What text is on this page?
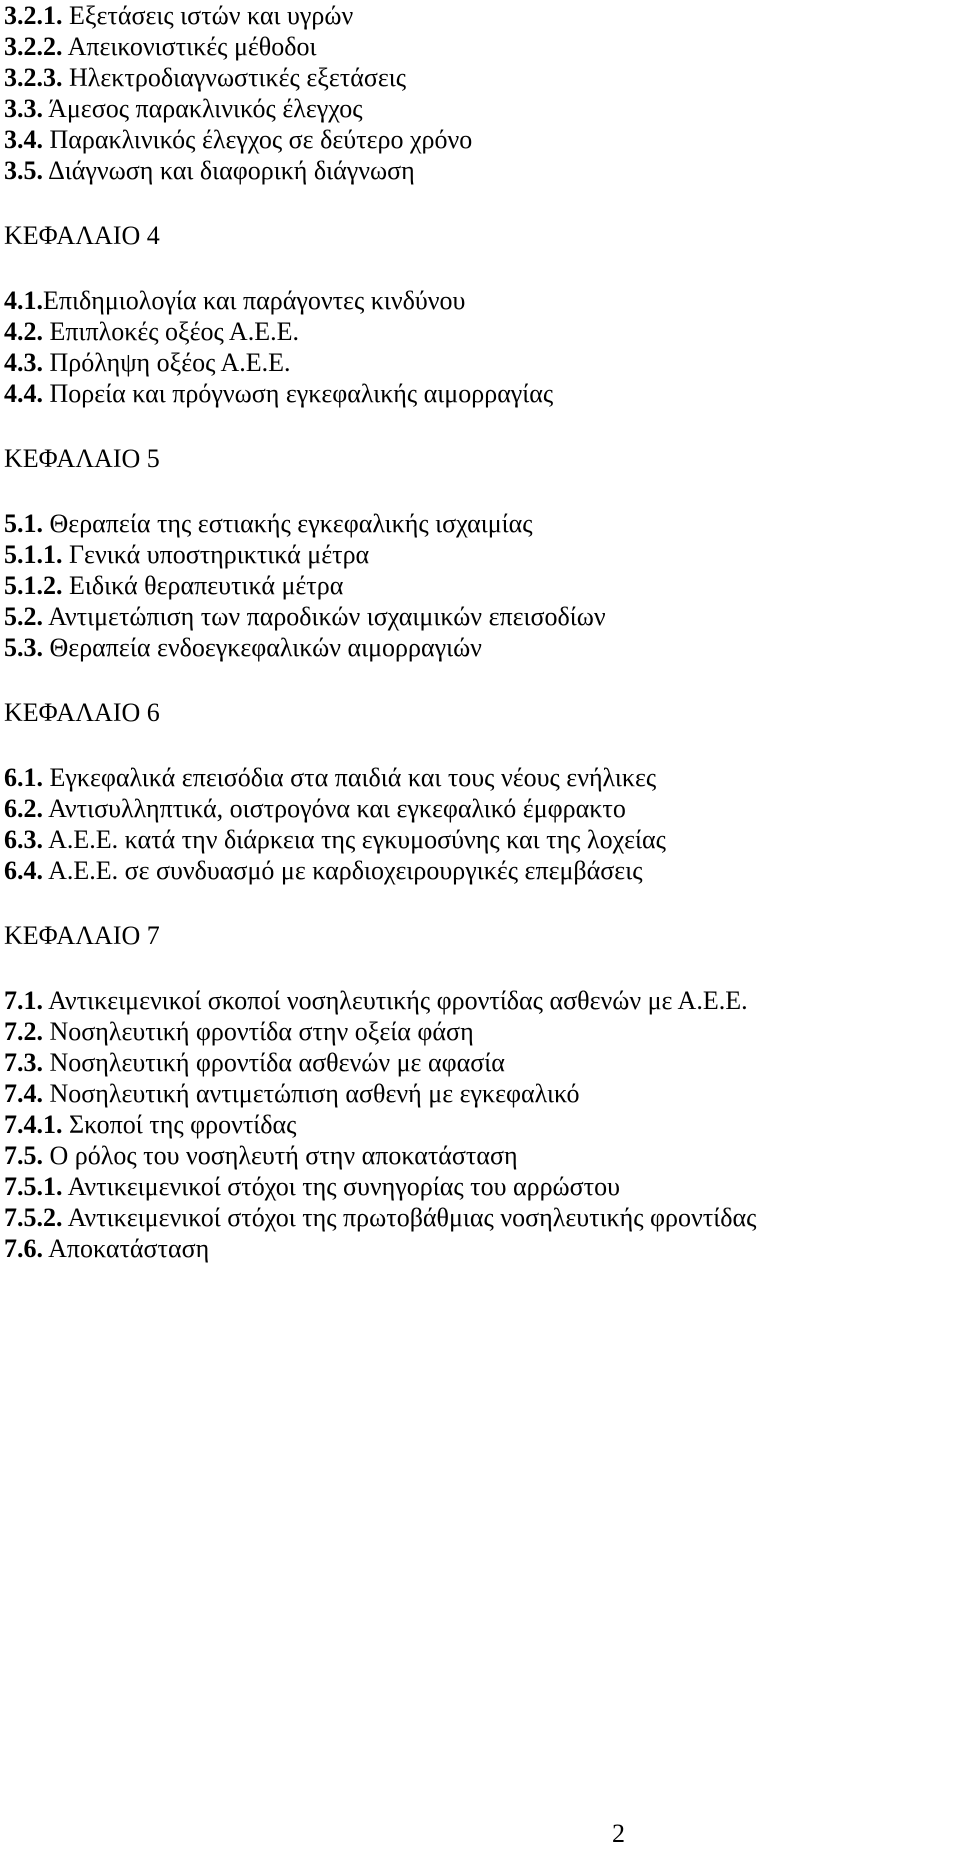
3.2.1. Εξετάσεις ιστών και υγρών
3.2.2. Απεικονιστικές μέθοδοι
3.2.3. Ηλεκτροδιαγνωστικές εξετάσεις
3.3. Άμεσος παρακλινικός έλεγχος
3.4. Παρακλινικός έλεγχος σε δεύτερο χρόνο
3.5. Διάγνωση και διαφορική διάγνωση
ΚΕΦΑΛΑΙΟ 4
4.1.Επιδημιολογία και παράγοντες κινδύνου
4.2. Επιπλοκές οξέος Α.Ε.Ε.
4.3. Πρόληψη οξέος Α.Ε.Ε.
4.4. Πορεία και πρόγνωση εγκεφαλικής αιμορραγίας
ΚΕΦΑΛΑΙΟ 5
5.1. Θεραπεία της εστιακής εγκεφαλικής ισχαιμίας
5.1.1. Γενικά υποστηρικτικά μέτρα
5.1.2. Ειδικά θεραπευτικά μέτρα
5.2. Αντιμετώπιση των παροδικών ισχαιμικών επεισοδίων
5.3. Θεραπεία ενδοεγκεφαλικών αιμορραγιών
ΚΕΦΑΛΑΙΟ 6
6.1. Εγκεφαλικά επεισόδια στα παιδιά και τους νέους ενήλικες
6.2. Αντισυλληπτικά, οιστρογόνα και εγκεφαλικό έμφρακτο
6.3. Α.Ε.Ε. κατά την διάρκεια της εγκυμοσύνης και της λοχείας
6.4. Α.Ε.Ε. σε συνδυασμό με καρδιοχειρουργικές επεμβάσεις
ΚΕΦΑΛΑΙΟ 7
7.1. Αντικειμενικοί σκοποί νοσηλευτικής φροντίδας ασθενών με Α.Ε.Ε.
7.2. Νοσηλευτική φροντίδα στην οξεία φάση
7.3. Νοσηλευτική φροντίδα ασθενών με αφασία
7.4. Νοσηλευτική αντιμετώπιση ασθενή με εγκεφαλικό
7.4.1. Σκοποί της φροντίδας
7.5. Ο ρόλος του νοσηλευτή στην αποκατάσταση
7.5.1. Αντικειμενικοί στόχοι της συνηγορίας του αρρώστου
7.5.2. Αντικειμενικοί στόχοι της πρωτοβάθμιας νοσηλευτικής φροντίδας
7.6. Αποκατάσταση
2
